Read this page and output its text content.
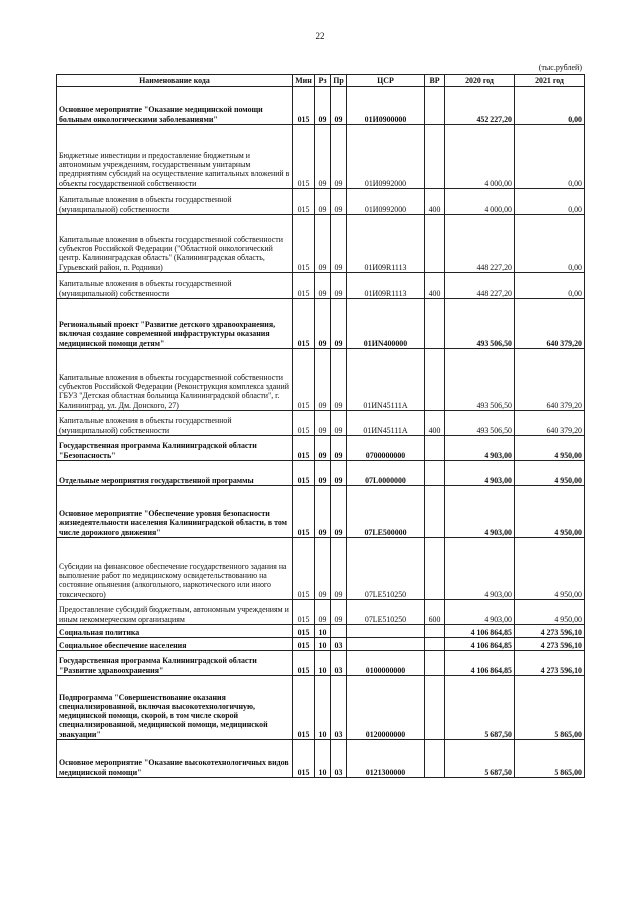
22
(тыс.рублей)
Наименование кода	Мин	Рз	Пр	ЦСР	ВР	2020 год	2021 год
Основное мероприятие "Оказание медицинской помощи больным онкологическими заболеваниями"	015	09	09	01И0900000		452 227,20	0,00
Бюджетные инвестиции и предоставление бюджетным и автономным учреждениям, государственным унитарным предприятиям субсидий на осуществление капитальных вложений в объекты государственной собственности	015	09	09	01И0992000		4 000,00	0,00
Капитальные вложения в объекты государственной (муниципальной) собственности	015	09	09	01И0992000	400	4 000,00	0,00
Капитальные вложения в объекты государственной собственности субъектов Российской Федерации ("Областной онкологический центр. Калининградская область" (Калининградская область, Гурьевский район, п. Родники)	015	09	09	01И09R1113		448 227,20	0,00
Капитальные вложения в объекты государственной (муниципальной) собственности	015	09	09	01И09R1113	400	448 227,20	0,00
Региональный проект "Развитие детского здравоохранения, включая создание современной инфраструктуры оказания медицинской помощи детям"	015	09	09	01ИN400000		493 506,50	640 379,20
Капитальные вложения в объекты государственной собственности субъектов Российской Федерации (Реконструкция комплекса зданий ГБУЗ "Детская областная больница Калининградской области", г. Калининград, ул. Дм. Донского, 27)	015	09	09	01ИN45111А		493 506,50	640 379,20
Капитальные вложения в объекты государственной (муниципальной) собственности	015	09	09	01ИN45111А	400	493 506,50	640 379,20
Государственная программа Калининградской области "Безопасность"	015	09	09	0700000000		4 903,00	4 950,00
Отдельные мероприятия государственной программы	015	09	09	07L0000000		4 903,00	4 950,00
Основное мероприятие "Обеспечение уровня безопасности жизнедеятельности населения Калининградской области, в том числе дорожного движения"	015	09	09	07LE500000		4 903,00	4 950,00
Субсидии на финансовое обеспечение государственного задания на выполнение работ по медицинскому освидетельствованию на состояние опьянения (алкогольного, наркотического или иного токсического)	015	09	09	07LE510250		4 903,00	4 950,00
Предоставление субсидий бюджетным, автономным учреждениям и иным некоммерческим организациям	015	09	09	07LE510250	600	4 903,00	4 950,00
Социальная политика	015	10				4 106 864,85	4 273 596,10
Социальное обеспечение населения	015	10	03			4 106 864,85	4 273 596,10
Государственная программа Калининградской области "Развитие здравоохранения"	015	10	03	0100000000		4 106 864,85	4 273 596,10
Подпрограмма "Совершенствование оказания специализированной, включая высокотехнологичную, медицинской помощи, скорой, в том числе скорой специализированной, медицинской помощи, медицинской эвакуации"	015	10	03	0120000000		5 687,50	5 865,00
Основное мероприятие "Оказание высокотехнологичных видов медицинской помощи"	015	10	03	0121300000		5 687,50	5 865,00
